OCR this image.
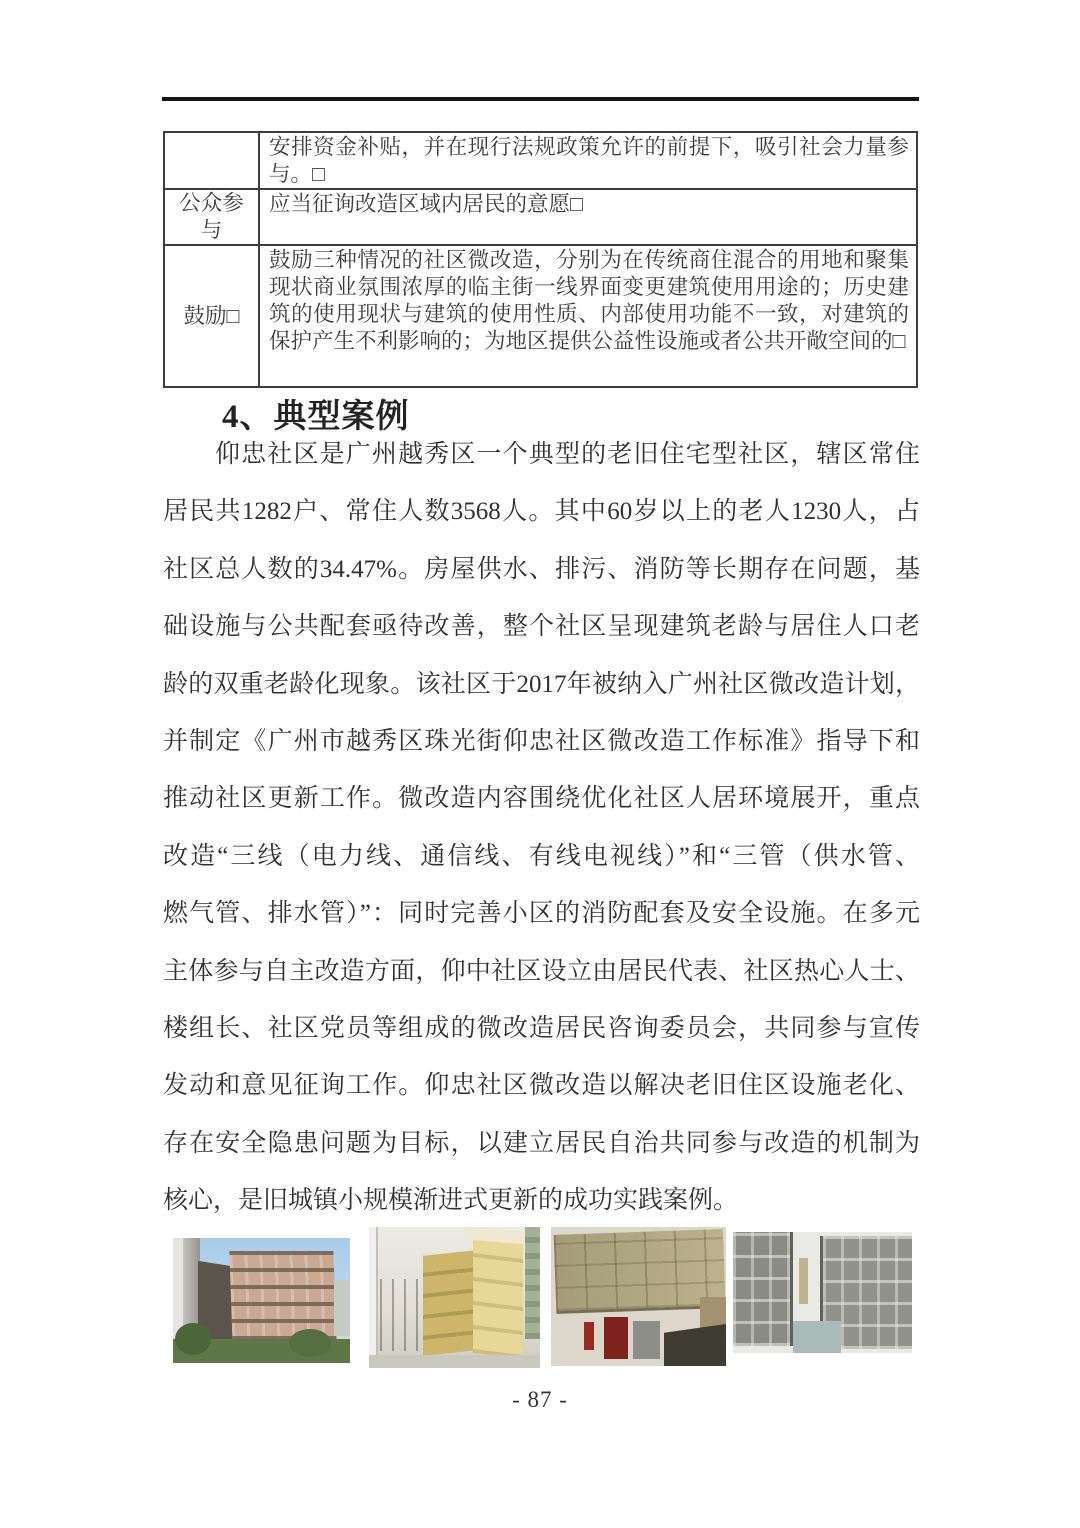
	安排资金补贴，并在现行法规政策允许的前提下，吸引社会力量参与。□
公众参与	应当征询改造区域内居民的意愿□
鼓励□	鼓励三种情况的社区微改造，分别为在传统商住混合的用地和聚集现状商业氛围浓厚的临主街一线界面变更建筑使用用途的；历史建筑的使用现状与建筑的使用性质、内部使用功能不一致，对建筑的保护产生不利影响的；为地区提供公益性设施或者公共开敞空间的□
4、典型案例
仰忠社区是广州越秀区一个典型的老旧住宅型社区，辖区常住
居民共1282户、常住人数3568人。其中60岁以上的老人1230人，占
社区总人数的34.47%。房屋供水、排污、消防等长期存在问题，基
础设施与公共配套亟待改善，整个社区呈现建筑老龄与居住人口老
龄的双重老龄化现象。该社区于2017年被纳入广州社区微改造计划，
并制定《广州市越秀区珠光街仰忠社区微改造工作标准》指导下和
推动社区更新工作。微改造内容围绕优化社区人居环境展开，重点
改造“三线（电力线、通信线、有线电视线）”和“三管（供水管、
燃气管、排水管）”：同时完善小区的消防配套及安全设施。在多元
主体参与自主改造方面，仰中社区设立由居民代表、社区热心人士、
楼组长、社区党员等组成的微改造居民咨询委员会，共同参与宣传
发动和意见征询工作。仰忠社区微改造以解决老旧住区设施老化、
存在安全隐患问题为目标，以建立居民自治共同参与改造的机制为
核心，是旧城镇小规模渐进式更新的成功实践案例。
- 87 -
